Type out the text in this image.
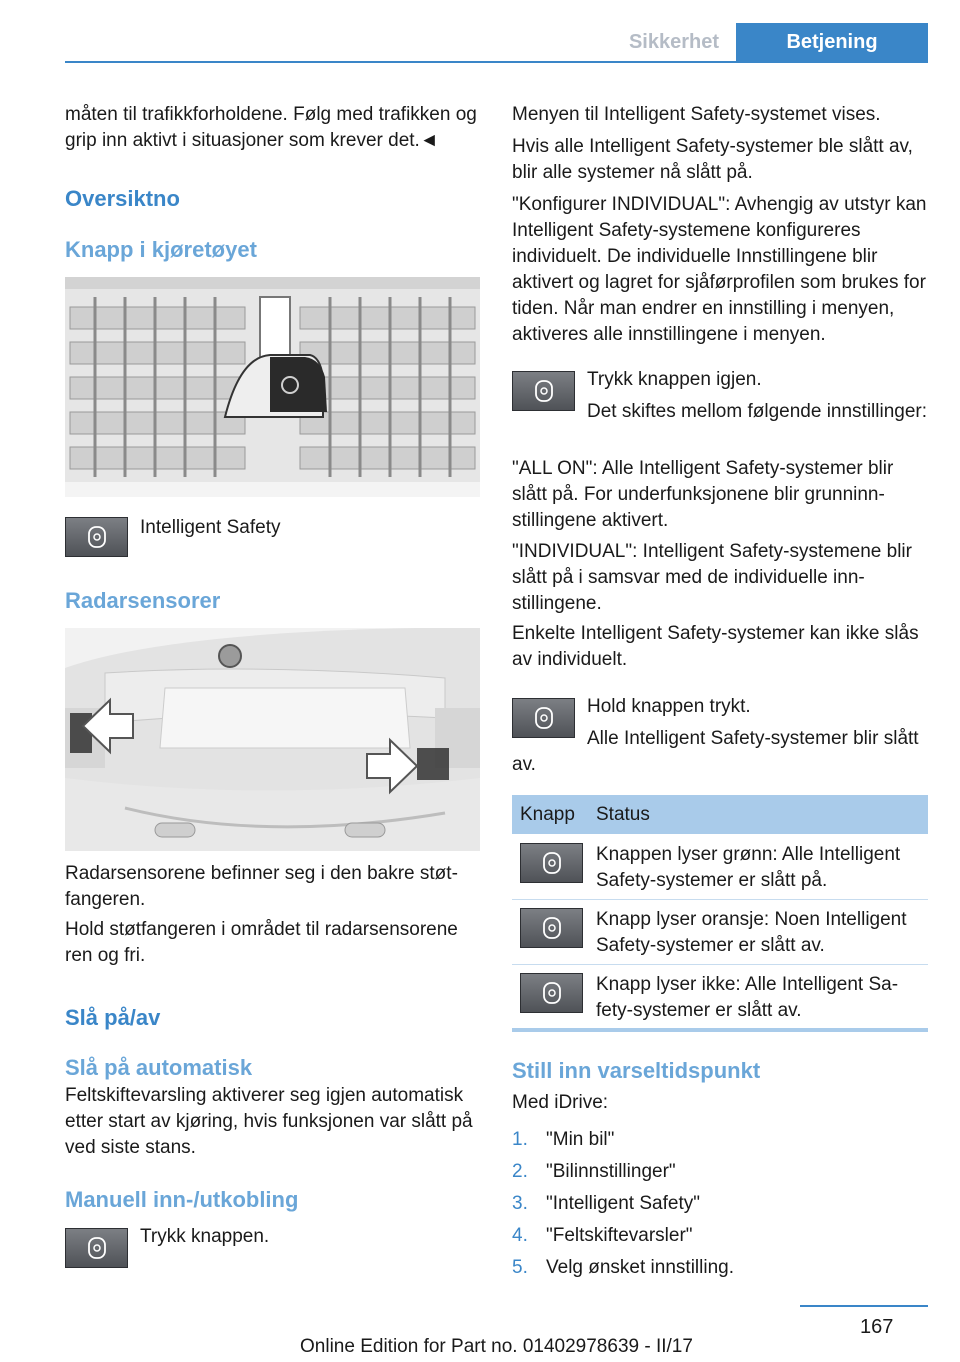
Sikkerhet	Betjening

måten til trafikkforholdene. Følg med trafikken og grip inn aktivt i situasjoner som krever det.◄

Oversiktno
Knapp i kjøretøyet
Intelligent Safety
Radarsensorer

Radarsensorene befinner seg i den bakre støtfangeren.

Hold støtfangeren i området til radarsensorene ren og fri.

Slå på/av
Slå på automatisk

Feltskiftevarsling aktiverer seg igjen automatisk etter start av kjøring, hvis funksjonen var slått på ved siste stans.

Manuell inn-/utkobling
Trykk knappen.

Menyen til Intelligent Safety-systemet vises.

Hvis alle Intelligent Safety-systemer ble slått av, blir alle systemer nå slått på.

"Konfigurer INDIVIDUAL": Avhengig av utstyr kan Intelligent Safety-systemene konfigureres individuelt. De individuelle Innstillingene blir aktivert og lagret for sjåførprofilen som brukes for tiden. Når man endrer en innstilling i menyen, aktiveres alle innstillingene i menyen.

Trykk knappen igjen.
Det skiftes mellom følgende innstillinger:

"ALL ON": Alle Intelligent Safety-systemer blir slått på. For underfunksjonene blir grunninnstillingene aktivert.

"INDIVIDUAL": Intelligent Safety-systemene blir slått på i samsvar med de individuelle innstillingene.

Enkelte Intelligent Safety-systemer kan ikke slås av individuelt.

Hold knappen trykt.
Alle Intelligent Safety-systemer blir slått av.
Knapp Status

Knappen lyser grønn: Alle Intelligent Safety-systemer er slått på.

Knapp lyser oransje: Noen Intelligent Safety-systemer er slått av.

Knapp lyser ikke: Alle Intelligent Safety-systemer er slått av.

Still inn varseltidspunkt
Med iDrive:
1. "Min bil"
2. "Bilinnstillinger"
3. "Intelligent Safety"
4. "Feltskiftevarsler"
5. Velg ønsket innstilling.
167
Online Edition for Part no. 01402978639 - II/17
